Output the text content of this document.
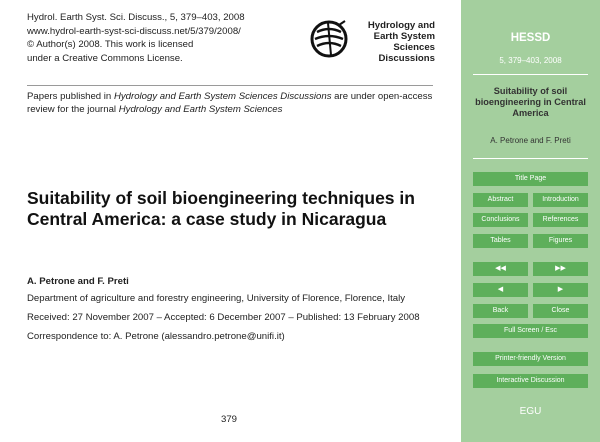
Hydrol. Earth Syst. Sci. Discuss., 5, 379–403, 2008
www.hydrol-earth-syst-sci-discuss.net/5/379/2008/
© Author(s) 2008. This work is licensed
under a Creative Commons License.
Hydrology and
Earth System
Sciences
Discussions
Papers published in Hydrology and Earth System Sciences Discussions are under open-access review for the journal Hydrology and Earth System Sciences
Suitability of soil bioengineering techniques in Central America: a case study in Nicaragua
A. Petrone and F. Preti
Department of agriculture and forestry engineering, University of Florence, Florence, Italy
Received: 27 November 2007 – Accepted: 6 December 2007 – Published: 13 February 2008
Correspondence to: A. Petrone (alessandro.petrone@unifi.it)
379
HESSD
5, 379–403, 2008
Suitability of soil bioengineering in Central America
A. Petrone and F. Preti
Title Page
Abstract	Introduction
Conclusions	References
Tables	Figures
◀◀	▶▶
◀	▶
Back	Close
Full Screen / Esc
Printer-friendly Version
Interactive Discussion
EGU
